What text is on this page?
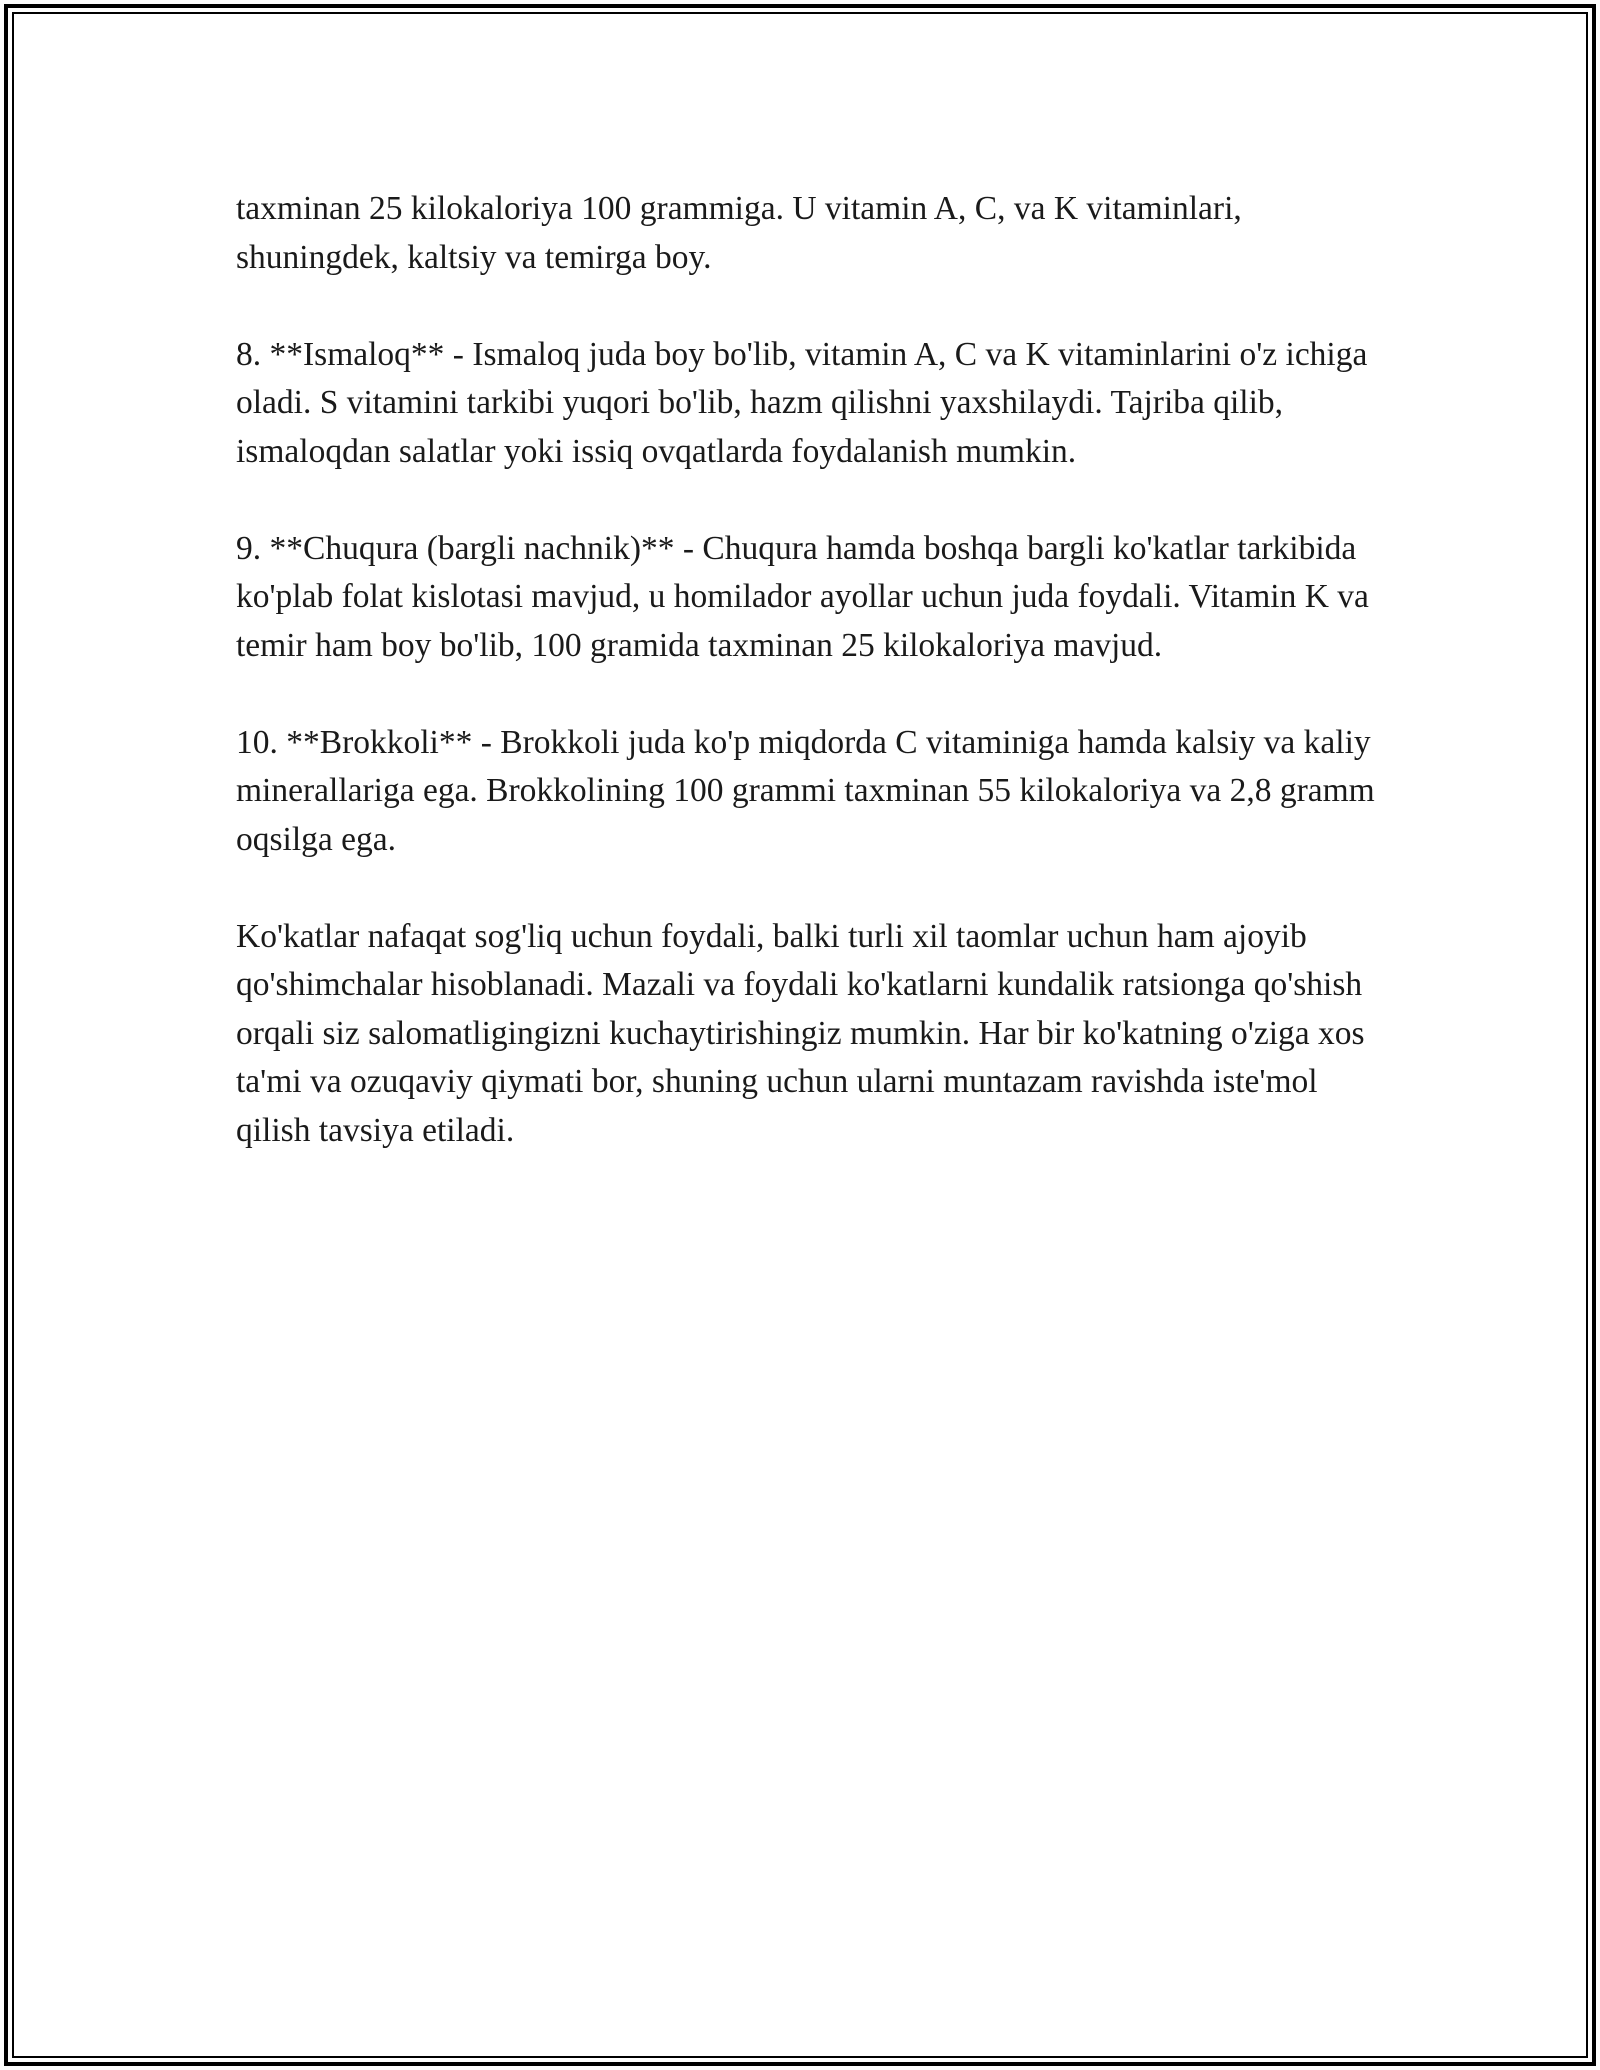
taxminan 25 kilokaloriya 100 grammiga. U vitamin A, C, va K vitaminlari, shuningdek, kaltsiy va temirga boy.

8. **Ismaloq** - Ismaloq juda boy bo'lib, vitamin A, C va K vitaminlarini o'z ichiga oladi. S vitamini tarkibi yuqori bo'lib, hazm qilishni yaxshilaydi. Tajriba qilib, ismaloqdan salatlar yoki issiq ovqatlarda foydalanish mumkin.

9. **Chuqura (bargli nachnik)** - Chuqura hamda boshqa bargli ko'katlar tarkibida ko'plab folat kislotasi mavjud, u homilador ayollar uchun juda foydali. Vitamin K va temir ham boy bo'lib, 100 gramida taxminan 25 kilokaloriya mavjud.

10. **Brokkoli** - Brokkoli juda ko'p miqdorda C vitaminiga hamda kalsiy va kaliy minerallariga ega. Brokkolining 100 grammi taxminan 55 kilokaloriya va 2,8 gramm oqsilga ega.

Ko'katlar nafaqat sog'liq uchun foydali, balki turli xil taomlar uchun ham ajoyib qo'shimchalar hisoblanadi. Mazali va foydali ko'katlarni kundalik ratsionga qo'shish orqali siz salomatligingizni kuchaytirishingiz mumkin. Har bir ko'katning o'ziga xos ta'mi va ozuqaviy qiymati bor, shuning uchun ularni muntazam ravishda iste'mol qilish tavsiya etiladi.
